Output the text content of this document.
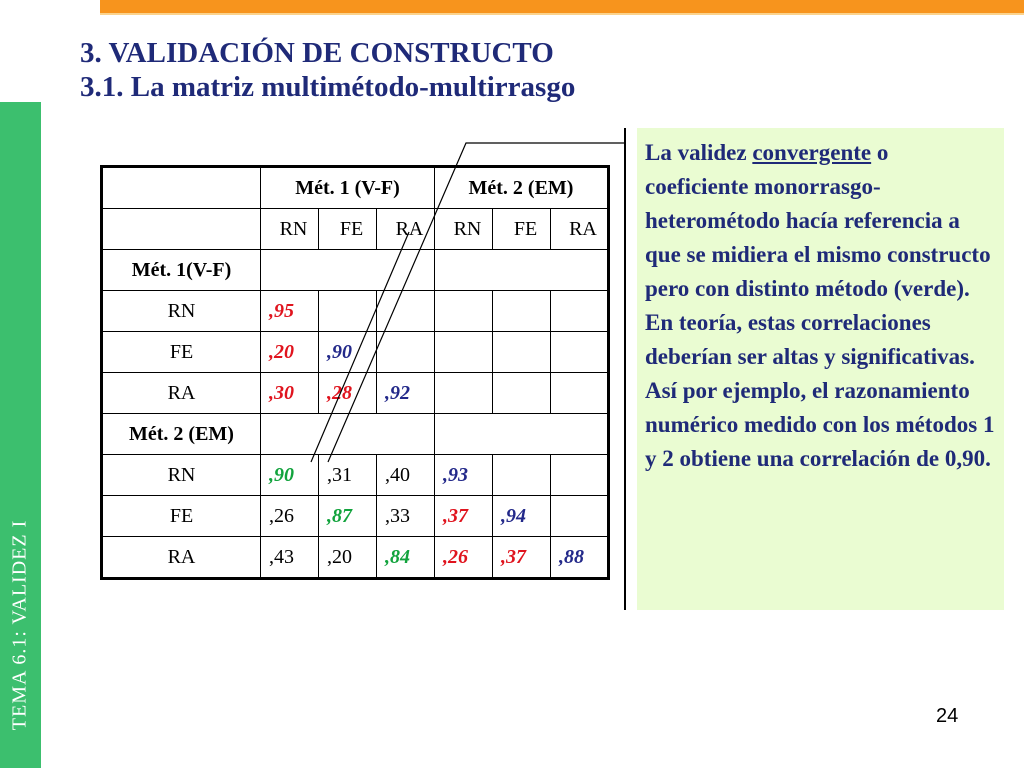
TEMA 6.1: VALIDEZ I
3. VALIDACIÓN DE CONSTRUCTO
3.1. La matriz multimétodo-multirrasgo
	Mét. 1 (V-F)			Mét. 2 (EM)		
	RN	FE	RA	RN	FE	RA
Mét. 1(V-F)						
RN	,95					
FE	,20	,90				
RA	,30	,28	,92			
Mét. 2 (EM)						
RN	,90	,31	,40	,93		
FE	,26	,87	,33	,37	,94	
RA	,43	,20	,84	,26	,37	,88
La validez convergente o coeficiente monorrasgo-heterométodo hacía referencia a que se midiera el mismo constructo pero con distinto método (verde). En teoría, estas correlaciones deberían ser altas y significativas. Así por ejemplo, el razonamiento numérico medido con los métodos 1 y 2 obtiene una correlación de 0,90.
24
